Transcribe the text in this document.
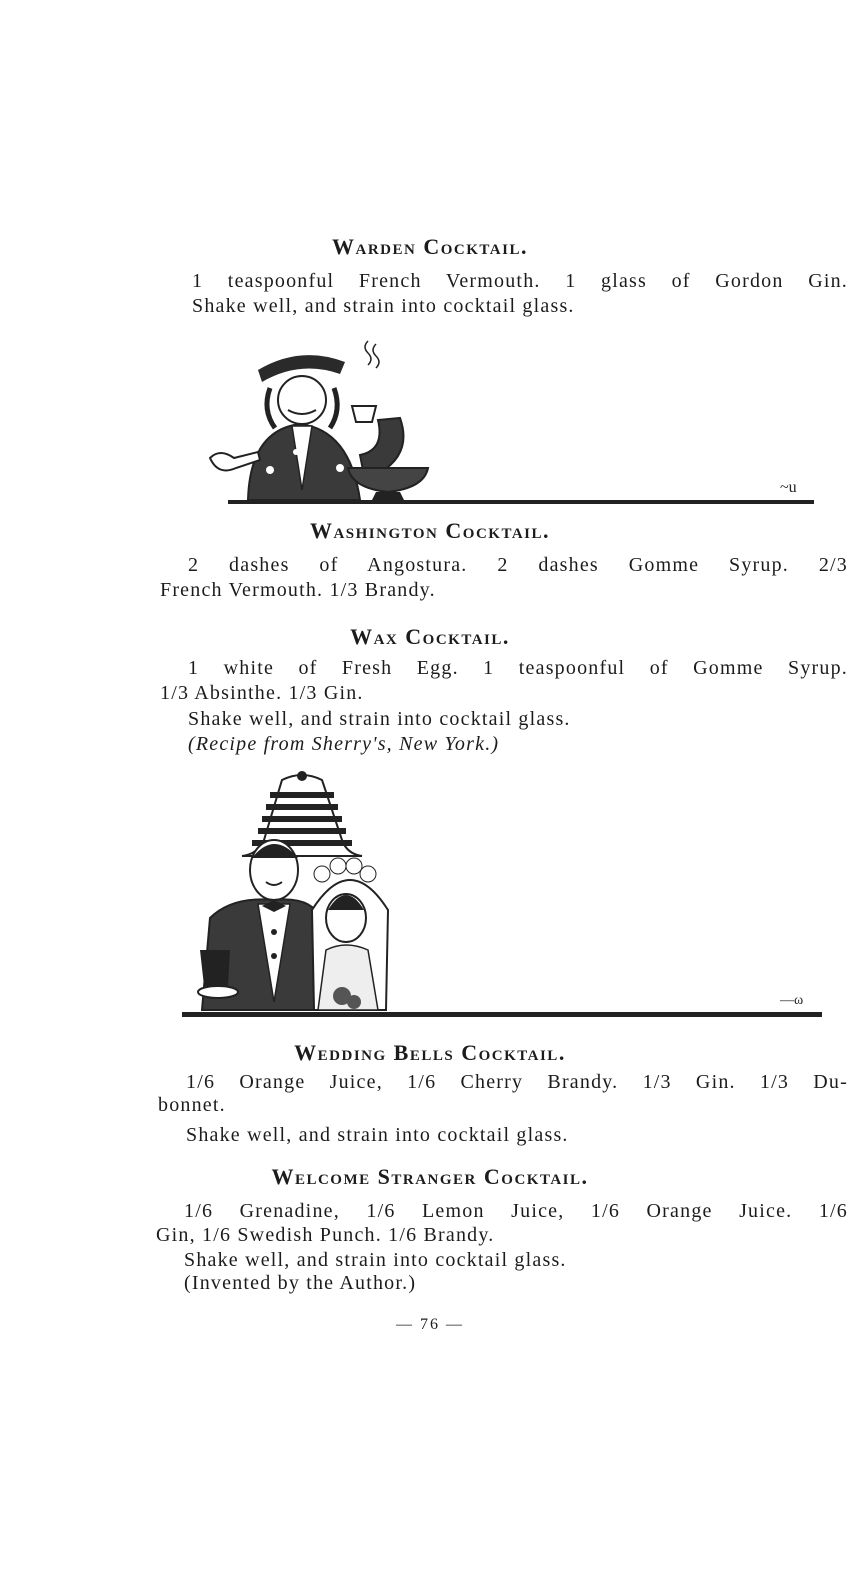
Warden Cocktail.

1 teaspoonful French Vermouth. 1 glass of Gordon Gin.

Shake well, and strain into cocktail glass.

~u
Washington Cocktail.

2 dashes of Angostura. 2 dashes Gomme Syrup. 2/3

French Vermouth. 1/3 Brandy.

Wax Cocktail.

1 white of Fresh Egg. 1 teaspoonful of Gomme Syrup.

1/3 Absinthe. 1/3 Gin.

Shake well, and strain into cocktail glass.

(Recipe from Sherry's, New York.)

—ω
Wedding Bells Cocktail.

1/6 Orange Juice, 1/6 Cherry Brandy. 1/3 Gin. 1/3 Du-

bonnet.

Shake well, and strain into cocktail glass.

Welcome Stranger Cocktail.

1/6 Grenadine, 1/6 Lemon Juice, 1/6 Orange Juice. 1/6

Gin, 1/6 Swedish Punch. 1/6 Brandy.

Shake well, and strain into cocktail glass.

(Invented by the Author.)

— 76 —
